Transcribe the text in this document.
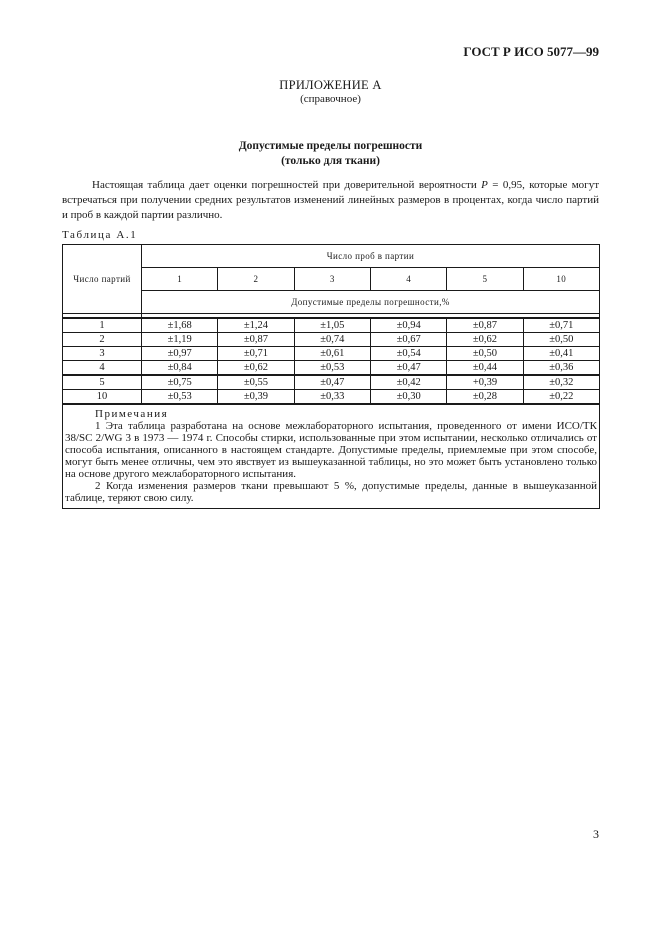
ГОСТ Р ИСО 5077—99
ПРИЛОЖЕНИЕ А
(справочное)
Допустимые пределы погрешности
(только для ткани)
Настоящая таблица дает оценки погрешностей при доверительной вероятности P = 0,95, которые могут встречаться при получении средних результатов изменений линейных размеров в процентах, когда число партий и проб в каждой партии различно.
Таблица А.1
Число партий	Число проб в партии					
	1	2	3	4	5	10
	Допустимые пределы погрешности,%					

1	±1,68	±1,24	±1,05	±0,94	±0,87	±0,71
2	±1,19	±0,87	±0,74	±0,67	±0,62	±0,50
3	±0,97	±0,71	±0,61	±0,54	±0,50	±0,41
4	±0,84	±0,62	±0,53	±0,47	±0,44	±0,36
5	±0,75	±0,55	±0,47	±0,42	+0,39	±0,32
10	±0,53	±0,39	±0,33	±0,30	±0,28	±0,22
Примечания

1 Эта таблица разработана на основе межлабораторного испытания, проведенного от имени ИСО/ТК 38/SC 2/WG 3 в 1973 — 1974 г. Способы стирки, использованные при этом испытании, несколько отличались от способа испытания, описанного в настоящем стандарте. Допустимые пределы, приемлемые при этом способе, могут быть менее отличны, чем это явствует из вышеуказанной таблицы, но это может быть установлено только на основе другого межлабораторного испытания.

2 Когда изменения размеров ткани превышают 5 %, допустимые пределы, данные в вышеуказанной таблице, теряют свою силу.

3
